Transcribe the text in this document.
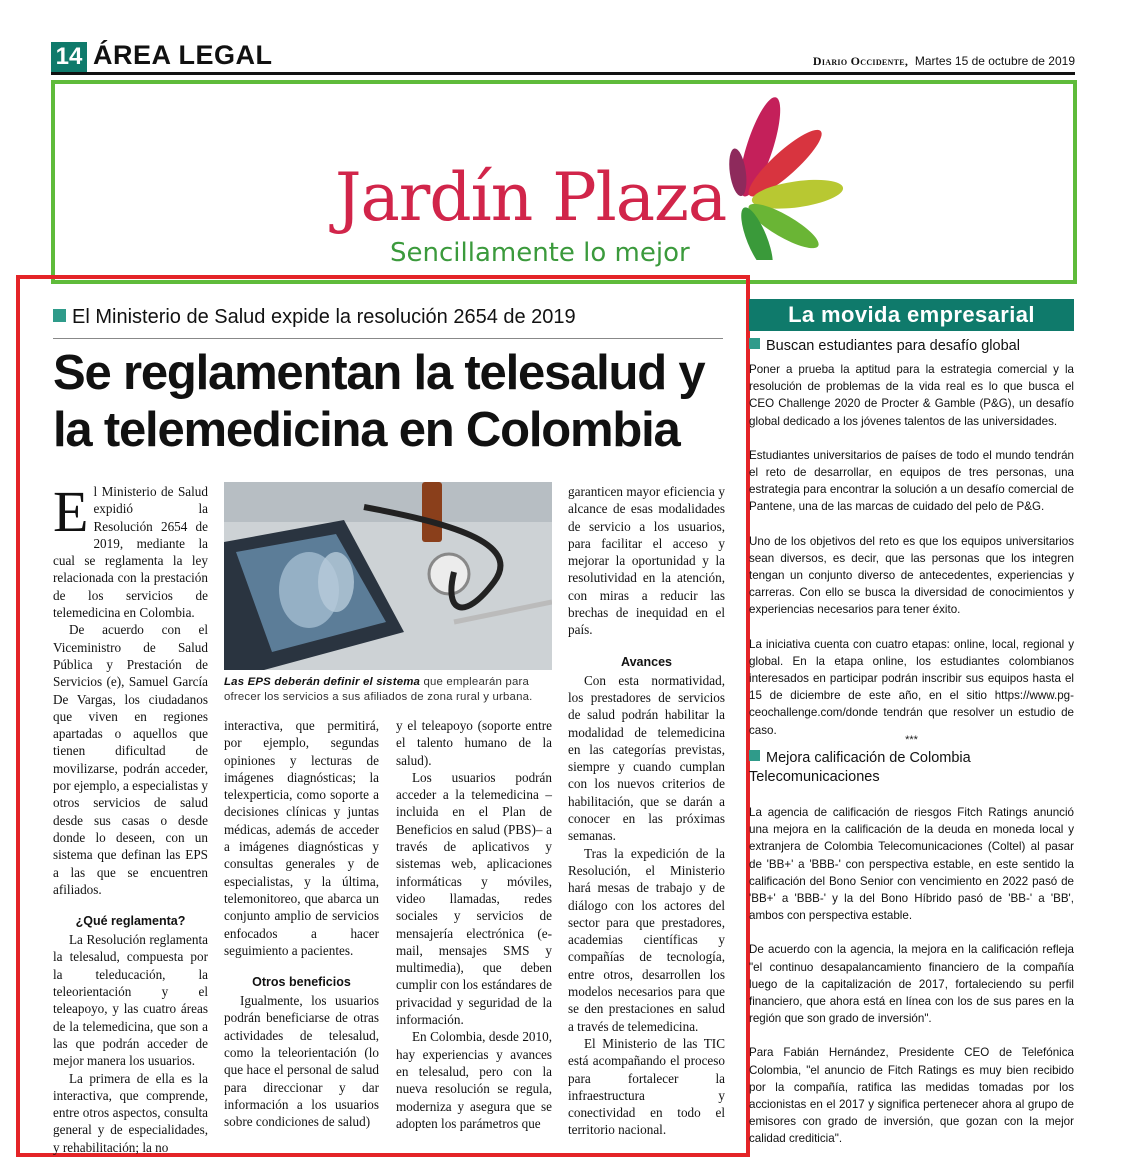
14 ÁREA LEGAL	Diario Occidente, Martes 15 de octubre de 2019
Jardín Plaza
Sencillamente lo mejor
El Ministerio de Salud expide la resolución 2654 de 2019
Se reglamentan la telesalud y la telemedicina en Colombia

El Ministerio de Salud expidió la Resolución 2654 de 2019, mediante la cual se reglamenta la ley relacionada con la prestación de los servicios de telemedicina en Colombia.

De acuerdo con el Viceministro de Salud Pública y Prestación de Servicios (e), Samuel García De Vargas, los ciudadanos que viven en regiones apartadas o aquellos que tienen dificultad de movilizarse, podrán acceder, por ejemplo, a especialistas y otros servicios de salud desde sus casas o desde donde lo deseen, con un sistema que definan las EPS a las que se encuentren afiliados.

¿Qué reglamenta?

La Resolución reglamenta la telesalud, compuesta por la teleducación, la teleorientación y el teleapoyo, y las cuatro áreas de la telemedicina, que son a las que podrán acceder de mejor manera los usuarios.

La primera de ella es la interactiva, que comprende, entre otros aspectos, consulta general y de especialidades, y rehabilitación; la no

Las EPS deberán definir el sistema que emplearán para ofrecer los servicios a sus afiliados de zona rural y urbana.

interactiva, que permitirá, por ejemplo, segundas opiniones y lecturas de imágenes diagnósticas; la telexperticia, como soporte a decisiones clínicas y juntas médicas, además de acceder a imágenes diagnósticas y consultas generales y de especialistas, y la última, telemonitoreo, que abarca un conjunto amplio de servicios enfocados a hacer seguimiento a pacientes.

Otros beneficios

Igualmente, los usuarios podrán beneficiarse de otras actividades de telesalud, como la teleorientación (lo que hace el personal de salud para direccionar y dar información a los usuarios sobre condiciones de salud)

y el teleapoyo (soporte entre el talento humano de la salud).

Los usuarios podrán acceder a la telemedicina –incluida en el Plan de Beneficios en salud (PBS)– a través de aplicativos y sistemas web, aplicaciones informáticas y móviles, video llamadas, redes sociales y servicios de mensajería electrónica (e-mail, mensajes SMS y multimedia), que deben cumplir con los estándares de privacidad y seguridad de la información.

En Colombia, desde 2010, hay experiencias y avances en telesalud, pero con la nueva resolución se regula, moderniza y asegura que se adopten los parámetros que

garanticen mayor eficiencia y alcance de esas modalidades de servicio a los usuarios, para facilitar el acceso y mejorar la oportunidad y la resolutividad en la atención, con miras a reducir las brechas de inequidad en el país.

Avances

Con esta normatividad, los prestadores de servicios de salud podrán habilitar la modalidad de telemedicina en las categorías previstas, siempre y cuando cumplan con los nuevos criterios de habilitación, que se darán a conocer en las próximas semanas.

Tras la expedición de la Resolución, el Ministerio hará mesas de trabajo y de diálogo con los actores del sector para que prestadores, academias científicas y compañías de tecnología, entre otros, desarrollen los modelos necesarios para que se den prestaciones en salud a través de telemedicina.

El Ministerio de las TIC está acompañando el proceso para fortalecer la infraestructura y conectividad en todo el territorio nacional.

La movida empresarial
Buscan estudiantes para desafío global

Poner a prueba la aptitud para la estrategia comercial y la resolución de problemas de la vida real es lo que busca el CEO Challenge 2020 de Procter & Gamble (P&G), un desafío global dedicado a los jóvenes talentos de las universidades.

Estudiantes universitarios de países de todo el mundo tendrán el reto de desarrollar, en equipos de tres personas, una estrategia para encontrar la solución a un desafío comercial de Pantene, una de las marcas de cuidado del pelo de P&G.

Uno de los objetivos del reto es que los equipos universitarios sean diversos, es decir, que las personas que los integren tengan un conjunto diverso de antecedentes, experiencias y carreras. Con ello se busca la diversidad de conocimientos y experiencias necesarios para tener éxito.

La iniciativa cuenta con cuatro etapas: online, local, regional y global. En la etapa online, los estudiantes colombianos interesados en participar podrán inscribir sus equipos hasta el 15 de diciembre de este año, en el sitio https://www.pg-ceochallenge.com/donde tendrán que resolver un estudio de caso.

***
Mejora calificación de Colombia Telecomunicaciones

La agencia de calificación de riesgos Fitch Ratings anunció una mejora en la calificación de la deuda en moneda local y extranjera de Colombia Telecomunicaciones (Coltel) al pasar de 'BB+' a 'BBB-' con perspectiva estable, en este sentido la calificación del Bono Senior con vencimiento en 2022 pasó de 'BB+' a 'BBB-' y la del Bono Híbrido pasó de 'BB-' a 'BB', ambos con perspectiva estable.

De acuerdo con la agencia, la mejora en la calificación refleja "el continuo desapalancamiento financiero de la compañía luego de la capitalización de 2017, fortaleciendo su perfil financiero, que ahora está en línea con los de sus pares en la región que son grado de inversión".

Para Fabián Hernández, Presidente CEO de Telefónica Colombia, "el anuncio de Fitch Ratings es muy bien recibido por la compañía, ratifica las medidas tomadas por los accionistas en el 2017 y significa pertenecer ahora al grupo de emisores con grado de inversión, que gozan con la mejor calidad crediticia".
